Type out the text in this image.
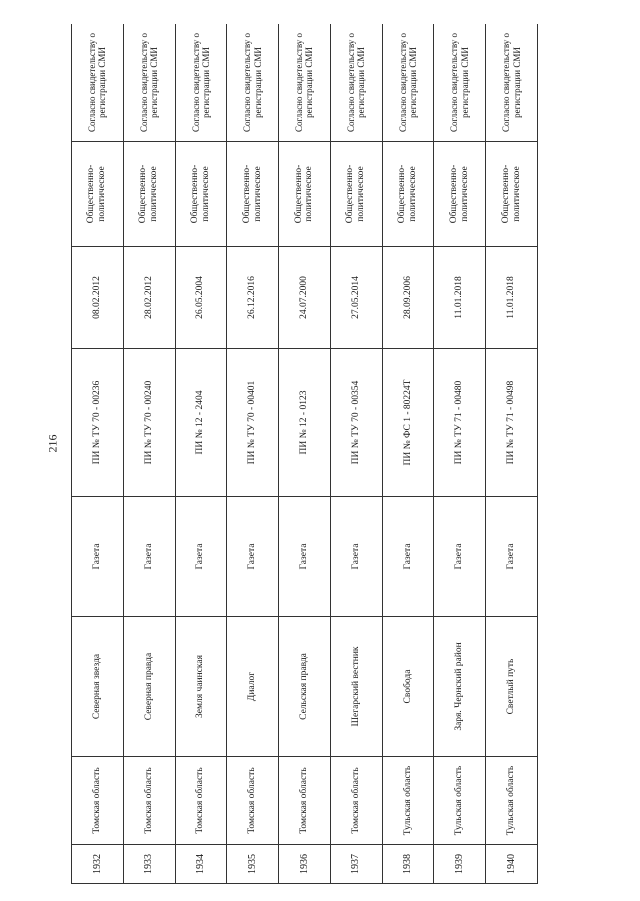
216
1932	Томская область	Северная звезда	Газета	ПИ № ТУ 70 - 00236	08.02.2012	Общественно-политическое	Согласно свидетельству о регистрации СМИ
1933	Томская область	Северная правда	Газета	ПИ № ТУ 70 - 00240	28.02.2012	Общественно-политическое	Согласно свидетельству о регистрации СМИ
1934	Томская область	Земля чаинская	Газета	ПИ № 12 - 2404	26.05.2004	Общественно-политическое	Согласно свидетельству о регистрации СМИ
1935	Томская область	Диалог	Газета	ПИ № ТУ 70 - 00401	26.12.2016	Общественно-политическое	Согласно свидетельству о регистрации СМИ
1936	Томская область	Сельская правда	Газета	ПИ № 12 - 0123	24.07.2000	Общественно-политическое	Согласно свидетельству о регистрации СМИ
1937	Томская область	Шегарский вестник	Газета	ПИ № ТУ 70 - 00354	27.05.2014	Общественно-политическое	Согласно свидетельству о регистрации СМИ
1938	Тульская область	Свобода	Газета	ПИ № ФС 1 - 80224Т	28.09.2006	Общественно-политическое	Согласно свидетельству о регистрации СМИ
1939	Тульская область	Заря. Чернский район	Газета	ПИ № ТУ 71 - 00480	11.01.2018	Общественно-политическое	Согласно свидетельству о регистрации СМИ
1940	Тульская область	Светлый путь	Газета	ПИ № ТУ 71 - 00498	11.01.2018	Общественно-политическое	Согласно свидетельству о регистрации СМИ
